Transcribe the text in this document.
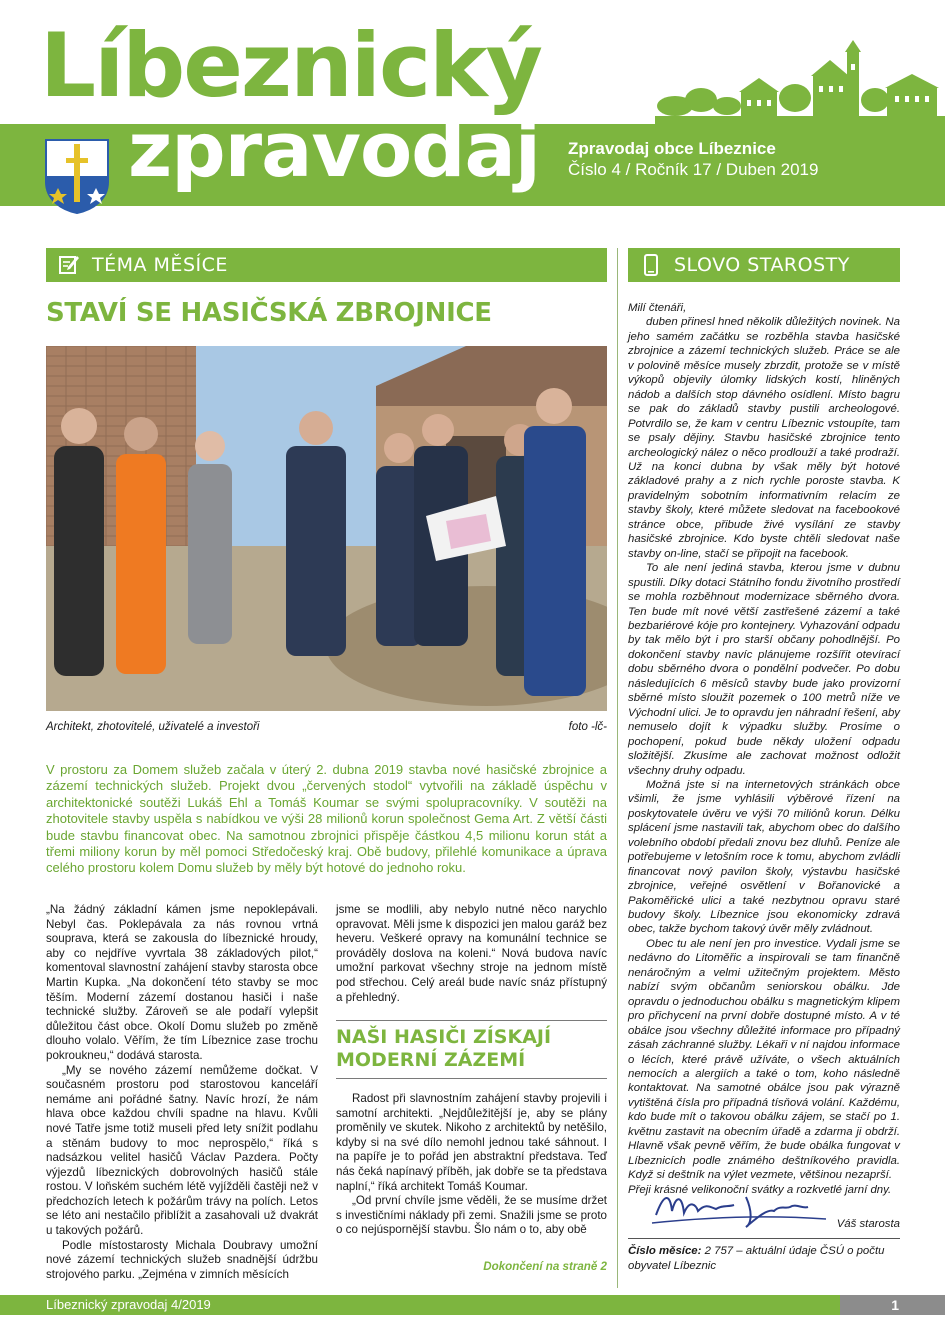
Líbeznický
zpravodaj Zpravodaj obce Líbeznice
Číslo 4 / Ročník 17 / Duben 2019
TÉMA MĚSÍCE
STAVÍ SE HASIČSKÁ ZBROJNICE
Architekt, zhotovitelé, uživatelé a investoři	foto -lč-
V prostoru za Domem služeb začala v úterý 2. dubna 2019 stavba nové hasičské zbrojnice a zázemí technických služeb. Projekt dvou „červených stodol“ vytvořili na základě úspěchu v architektonické soutěži Lukáš Ehl a Tomáš Koumar se svými spolupracovníky. V soutěži na zhotovitele stavby uspěla s nabídkou ve výši 28 milionů korun společnost Gema Art. Z větší části bude stavbu financovat obec. Na samotnou zbrojnici přispěje částkou 4,5 milionu korun stát a třemi miliony korun by měl pomoci Středočeský kraj. Obě budovy, přilehlé komunikace a úprava celého prostoru kolem Domu služeb by měly být hotové do jednoho roku.

„Na žádný základní kámen jsme nepoklepávali. Nebyl čas. Poklepávala za nás rovnou vrtná souprava, která se zakousla do líbeznické hroudy, aby co nejdříve vyvrtala 38 základových pilot,“ komentoval slavnostní zahájení stavby starosta obce Martin Kupka. „Na dokončení této stavby se moc těším. Moderní zázemí dostanou hasiči i naše technické služby. Zároveň se ale podaří vylepšit důležitou část obce. Okolí Domu služeb po změně dlouho volalo. Věřím, že tím Líbeznice zase trochu pokroukneu,“ dodává starosta.

„My se nového zázemí nemůžeme dočkat. V současném prostoru pod starostovou kanceláří nemáme ani pořádné šatny. Navíc hrozí, že nám hlava obce každou chvíli spadne na hlavu. Kvůli nové Tatře jsme totiž museli před lety snížit podlahu a stěnám budovy to moc neprospělo,“ říká s nadsázkou velitel hasičů Václav Pazdera. Počty výjezdů líbeznických dobrovolných hasičů stále rostou. V loňském suchém létě vyjížděli častěji než v předchozích letech k požárům trávy na polích. Letos se léto ani nestačilo přiblížit a zasahovali už dvakrát u takových požárů.

Podle místostarosty Michala Doubravy umožní nové zázemí technických služeb snadnější údržbu strojového parku. „Zejména v zimních měsících

jsme se modlili, aby nebylo nutné něco narychlo opravovat. Měli jsme k dispozici jen malou garáž bez heveru. Veškeré opravy na komunální technice se prováděly doslova na koleni.“ Nová budova navíc umožní parkovat všechny stroje na jednom místě pod střechou. Celý areál bude navíc snáz přístupný a přehledný.

NAŠI HASIČI ZÍSKAJÍ MODERNÍ ZÁZEMÍ

Radost při slavnostním zahájení stavby projevili i samotní architekti. „Nejdůležitější je, aby se plány proměnily ve skutek. Nikoho z architektů by netěšilo, kdyby si na své dílo nemohl jednou také sáhnout. I na papíře je to pořád jen abstraktní představa. Teď nás čeká napínavý příběh, jak dobře se ta představa naplní,“ říká architekt Tomáš Koumar.

„Od první chvíle jsme věděli, že se musíme držet s investičními náklady při zemi. Snažili jsme se proto o co nejúspornější stavbu. Šlo nám o to, aby obě

Dokončení na straně 2
SLOVO STAROSTY

Milí čtenáři,

duben přinesl hned několik důležitých novinek. Na jeho samém začátku se rozběhla stavba hasičské zbrojnice a zázemí technických služeb. Práce se ale v polovině měsíce musely zbrzdit, protože se v místě výkopů objevily úlomky lidských kostí, hliněných nádob a dalších stop dávného osídlení. Místo bagru se pak do základů stavby pustili archeologové. Potvrdilo se, že kam v centru Líbeznic vstoupíte, tam se psaly dějiny. Stavbu hasičské zbrojnice tento archeologický nález o něco prodlouží a také prodraží. Už na konci dubna by však měly být hotové základové prahy a z nich rychle poroste stavba. K pravidelným sobotním informativním relacím ze stavby školy, které můžete sledovat na facebookové stránce obce, přibude živé vysílání ze stavby hasičské zbrojnice. Kdo byste chtěli sledovat naše stavby on-line, stačí se připojit na facebook.

To ale není jediná stavba, kterou jsme v dubnu spustili. Díky dotaci Státního fondu životního prostředí se mohla rozběhnout modernizace sběrného dvora. Ten bude mít nové větší zastřešené zázemí a také bezbariérové kóje pro kontejnery. Vyhazování odpadu by tak mělo být i pro starší občany pohodlnější. Po dokončení stavby navíc plánujeme rozšířit otevírací dobu sběrného dvora o pondělní podvečer. Po dobu následujících 6 měsíců stavby bude jako provizorní sběrné místo sloužit pozemek o 100 metrů níže ve Východní ulici. Je to opravdu jen náhradní řešení, aby nemuselo dojít k výpadku služby. Prosíme o pochopení, pokud bude někdy uložení odpadu složitější. Zkusíme ale zachovat možnost odložit všechny druhy odpadu.

Možná jste si na internetových stránkách obce všimli, že jsme vyhlásili výběrové řízení na poskytovatele úvěru ve výši 70 miliónů korun. Délku splácení jsme nastavili tak, abychom obec do dalšího volebního období předali znovu bez dluhů. Peníze ale potřebujeme v letošním roce k tomu, abychom zvládli financovat nový pavilon školy, výstavbu hasičské zbrojnice, veřejné osvětlení v Bořanovické a Pakoměřické ulici a také nezbytnou opravu staré budovy školy. Líbeznice jsou ekonomicky zdravá obec, takže bychom takový úvěr měly zvládnout.

Obec tu ale není jen pro investice. Vydali jsme se nedávno do Litoměřic a inspirovali se tam finančně nenáročným a velmi užitečným projektem. Město nabízí svým občanům seniorskou obálku. Jde opravdu o jednoduchou obálku s magnetickým klipem pro přichycení na první dobře dostupné místo. A v té obálce jsou všechny důležité informace pro případný zásah záchranné služby. Lékaři v ní najdou informace o lécích, které právě užíváte, o všech aktuálních nemocích a alergiích a také o tom, koho následně kontaktovat. Na samotné obálce jsou pak výrazně vytištěná čísla pro případná tísňová volání. Každému, kdo bude mít o takovou obálku zájem, se stačí po 1. květnu zastavit na obecním úřadě a zdarma ji obdrží. Hlavně však pevně věřím, že bude obálka fungovat v Líbeznicích podle známého deštníkového pravidla. Když si deštník na výlet vezmete, většinou nezaprší.

Přeji krásné velikonoční svátky a rozkvetlé jarní dny.

Váš starosta
Číslo měsíce: 2 757 – aktuální údaje ČSÚ o počtu obyvatel Líbeznic
Líbeznický zpravodaj 4/2019	1
